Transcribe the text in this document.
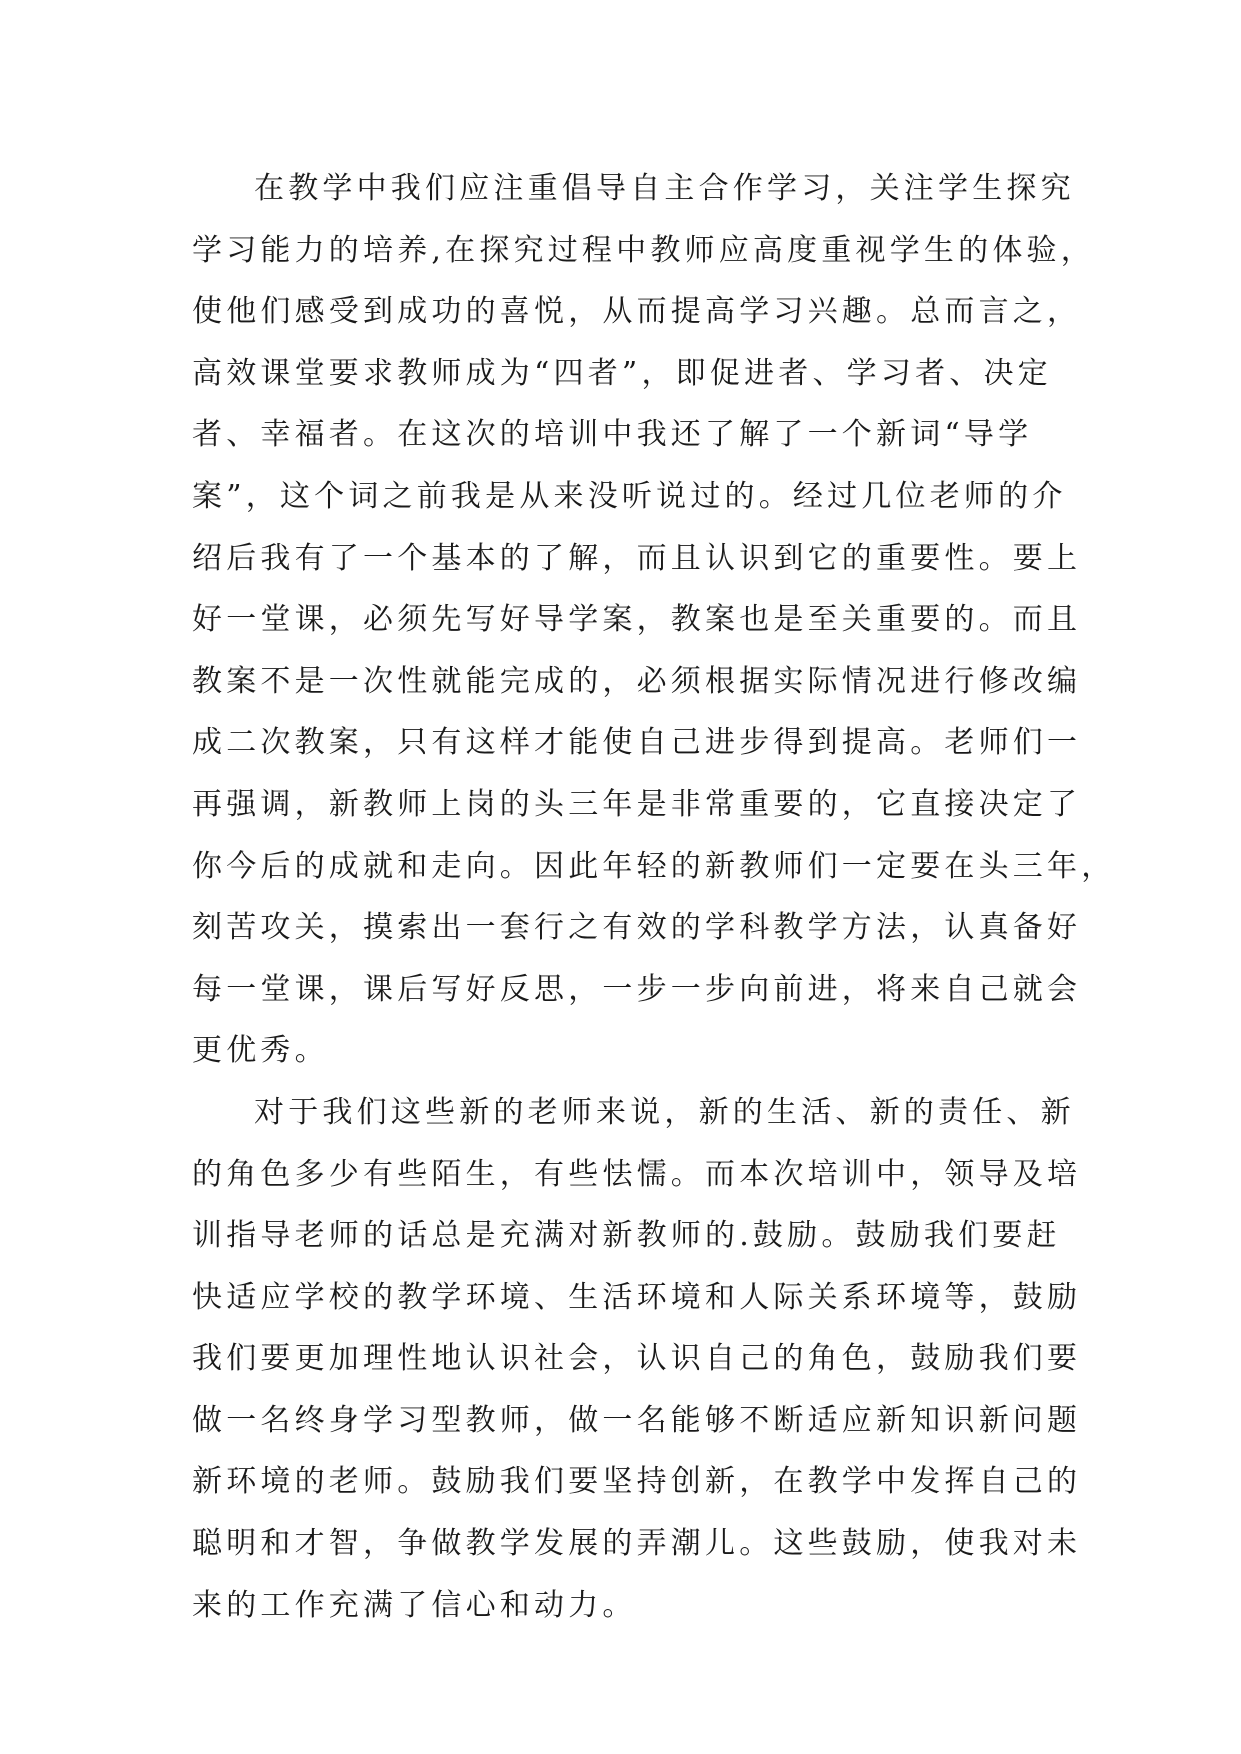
在教学中我们应注重倡导自主合作学习，关注学生探究
学习能力的培养,在探究过程中教师应高度重视学生的体验，
使他们感受到成功的喜悦，从而提高学习兴趣。总而言之，
高效课堂要求教师成为“四者”，即促进者、学习者、决定
者、幸福者。在这次的培训中我还了解了一个新词“导学
案”，这个词之前我是从来没听说过的。经过几位老师的介
绍后我有了一个基本的了解，而且认识到它的重要性。要上
好一堂课，必须先写好导学案，教案也是至关重要的。而且
教案不是一次性就能完成的，必须根据实际情况进行修改编
成二次教案，只有这样才能使自己进步得到提高。老师们一
再强调，新教师上岗的头三年是非常重要的，它直接决定了
你今后的成就和走向。因此年轻的新教师们一定要在头三年，
刻苦攻关，摸索出一套行之有效的学科教学方法，认真备好
每一堂课，课后写好反思，一步一步向前进，将来自己就会
更优秀。
对于我们这些新的老师来说，新的生活、新的责任、新
的角色多少有些陌生，有些怯懦。而本次培训中，领导及培
训指导老师的话总是充满对新教师的.鼓励。鼓励我们要赶
快适应学校的教学环境、生活环境和人际关系环境等，鼓励
我们要更加理性地认识社会，认识自己的角色，鼓励我们要
做一名终身学习型教师，做一名能够不断适应新知识新问题
新环境的老师。鼓励我们要坚持创新，在教学中发挥自己的
聪明和才智，争做教学发展的弄潮儿。这些鼓励，使我对未
来的工作充满了信心和动力。
